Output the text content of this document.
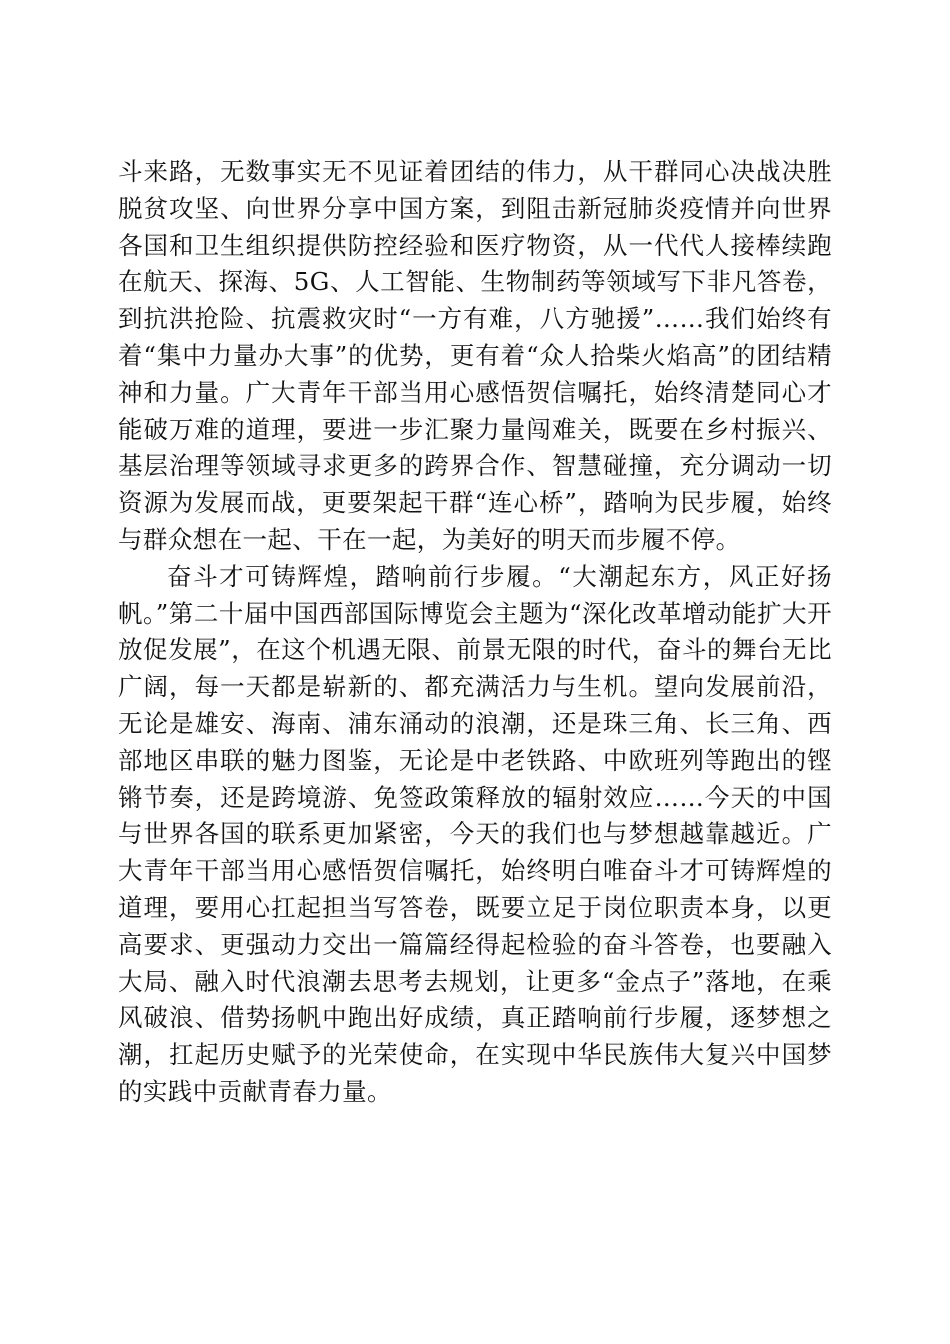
斗来路，无数事实无不见证着团结的伟力，从干群同心决战决胜脱贫攻坚、向世界分享中国方案，到阻击新冠肺炎疫情并向世界各国和卫生组织提供防控经验和医疗物资，从一代代人接棒续跑在航天、探海、5G、人工智能、生物制药等领域写下非凡答卷，到抗洪抢险、抗震救灾时“一方有难，八方驰援”……我们始终有着“集中力量办大事”的优势，更有着“众人拾柴火焰高”的团结精神和力量。广大青年干部当用心感悟贺信嘱托，始终清楚同心才能破万难的道理，要进一步汇聚力量闯难关，既要在乡村振兴、基层治理等领域寻求更多的跨界合作、智慧碰撞，充分调动一切资源为发展而战，更要架起干群“连心桥”，踏响为民步履，始终与群众想在一起、干在一起，为美好的明天而步履不停。

奋斗才可铸辉煌，踏响前行步履。“大潮起东方，风正好扬帆。”第二十届中国西部国际博览会主题为“深化改革增动能扩大开放促发展”，在这个机遇无限、前景无限的时代，奋斗的舞台无比广阔，每一天都是崭新的、都充满活力与生机。望向发展前沿，无论是雄安、海南、浦东涌动的浪潮，还是珠三角、长三角、西部地区串联的魅力图鉴，无论是中老铁路、中欧班列等跑出的铿锵节奏，还是跨境游、免签政策释放的辐射效应……今天的中国与世界各国的联系更加紧密，今天的我们也与梦想越靠越近。广大青年干部当用心感悟贺信嘱托，始终明白唯奋斗才可铸辉煌的道理，要用心扛起担当写答卷，既要立足于岗位职责本身，以更高要求、更强动力交出一篇篇经得起检验的奋斗答卷，也要融入大局、融入时代浪潮去思考去规划，让更多“金点子”落地，在乘风破浪、借势扬帆中跑出好成绩，真正踏响前行步履，逐梦想之潮，扛起历史赋予的光荣使命，在实现中华民族伟大复兴中国梦的实践中贡献青春力量。
